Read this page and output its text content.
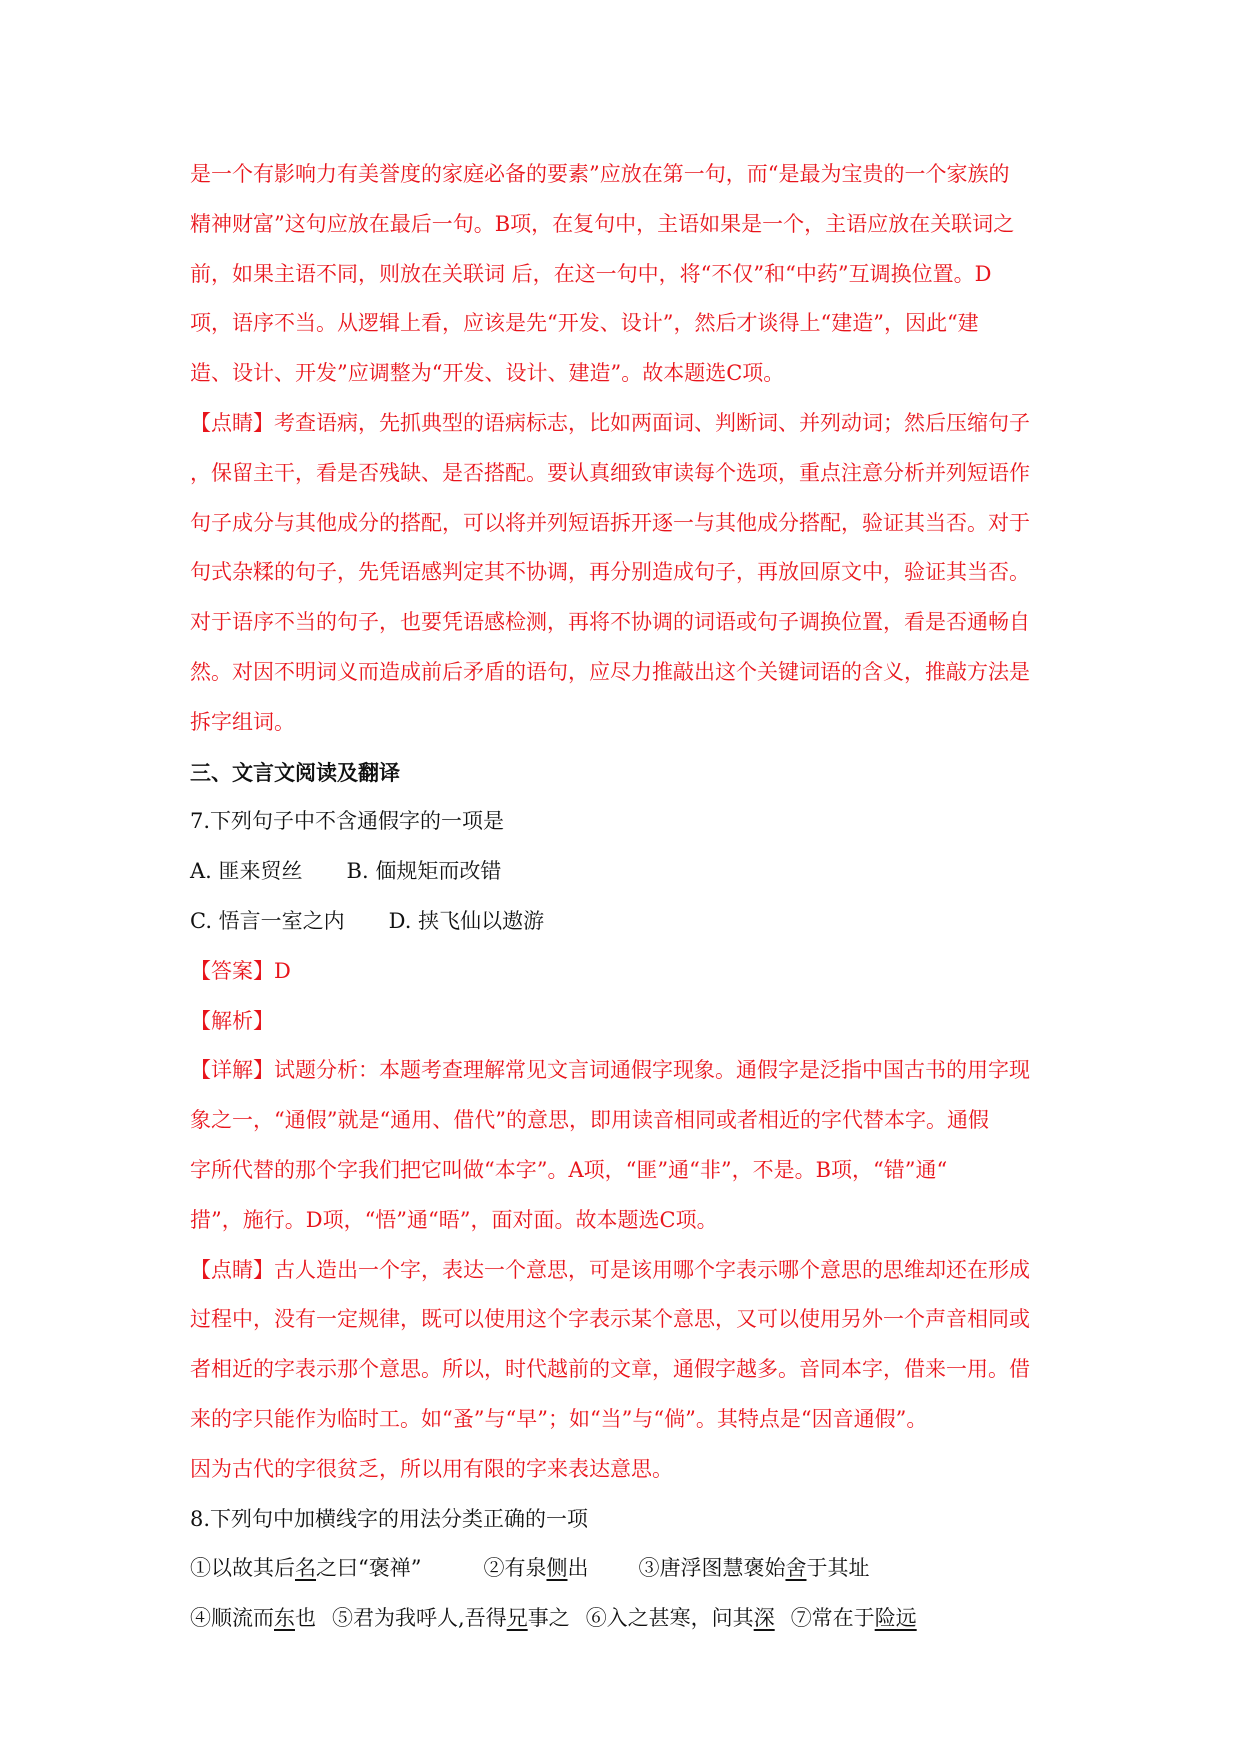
是一个有影响力有美誉度的家庭必备的要素”应放在第一句，而“是最为宝贵的一个家族的
精神财富”这句应放在最后一句。B项，在复句中，主语如果是一个，主语应放在关联词之
前，如果主语不同，则放在关联词 后，在这一句中，将“不仅”和“中药”互调换位置。D
项，语序不当。从逻辑上看，应该是先“开发、设计”，然后才谈得上“建造”，因此“建
造、设计、开发”应调整为“开发、设计、建造”。故本题选C项。
【点睛】考查语病，先抓典型的语病标志，比如两面词、判断词、并列动词；然后压缩句子
，保留主干，看是否残缺、是否搭配。要认真细致审读每个选项，重点注意分析并列短语作
句子成分与其他成分的搭配，可以将并列短语拆开逐一与其他成分搭配，验证其当否。对于
句式杂糅的句子，先凭语感判定其不协调，再分别造成句子，再放回原文中，验证其当否。
对于语序不当的句子，也要凭语感检测，再将不协调的词语或句子调换位置，看是否通畅自
然。对因不明词义而造成前后矛盾的语句，应尽力推敲出这个关键词语的含义，推敲方法是
拆字组词。
三、文言文阅读及翻译
7.下列句子中不含通假字的一项是
A. 匪来贸丝 B. 偭规矩而改错
C. 悟言一室之内 D. 挟飞仙以遨游
【答案】D
【解析】
【详解】试题分析：本题考查理解常见文言词通假字现象。通假字是泛指中国古书的用字现
象之一，“通假”就是“通用、借代”的意思，即用读音相同或者相近的字代替本字。通假
字所代替的那个字我们把它叫做“本字”。A项，“匪”通“非”，不是。B项，“错”通“
措”，施行。D项，“悟”通“晤”，面对面。故本题选C项。
【点睛】古人造出一个字，表达一个意思，可是该用哪个字表示哪个意思的思维却还在形成
过程中，没有一定规律，既可以使用这个字表示某个意思，又可以使用另外一个声音相同或
者相近的字表示那个意思。所以，时代越前的文章，通假字越多。音同本字，借来一用。借
来的字只能作为临时工。如“蚤”与“早”；如“当”与“倘”。其特点是“因音通假”。
因为古代的字很贫乏，所以用有限的字来表达意思。
8.下列句中加横线字的用法分类正确的一项
①以故其后名之曰“褒禅”	②有泉侧出 ③唐浮图慧褒始舍于其址
④顺流而东也 ⑤君为我呼人,吾得兄事之 ⑥入之甚寒，问其深 ⑦常在于险远
